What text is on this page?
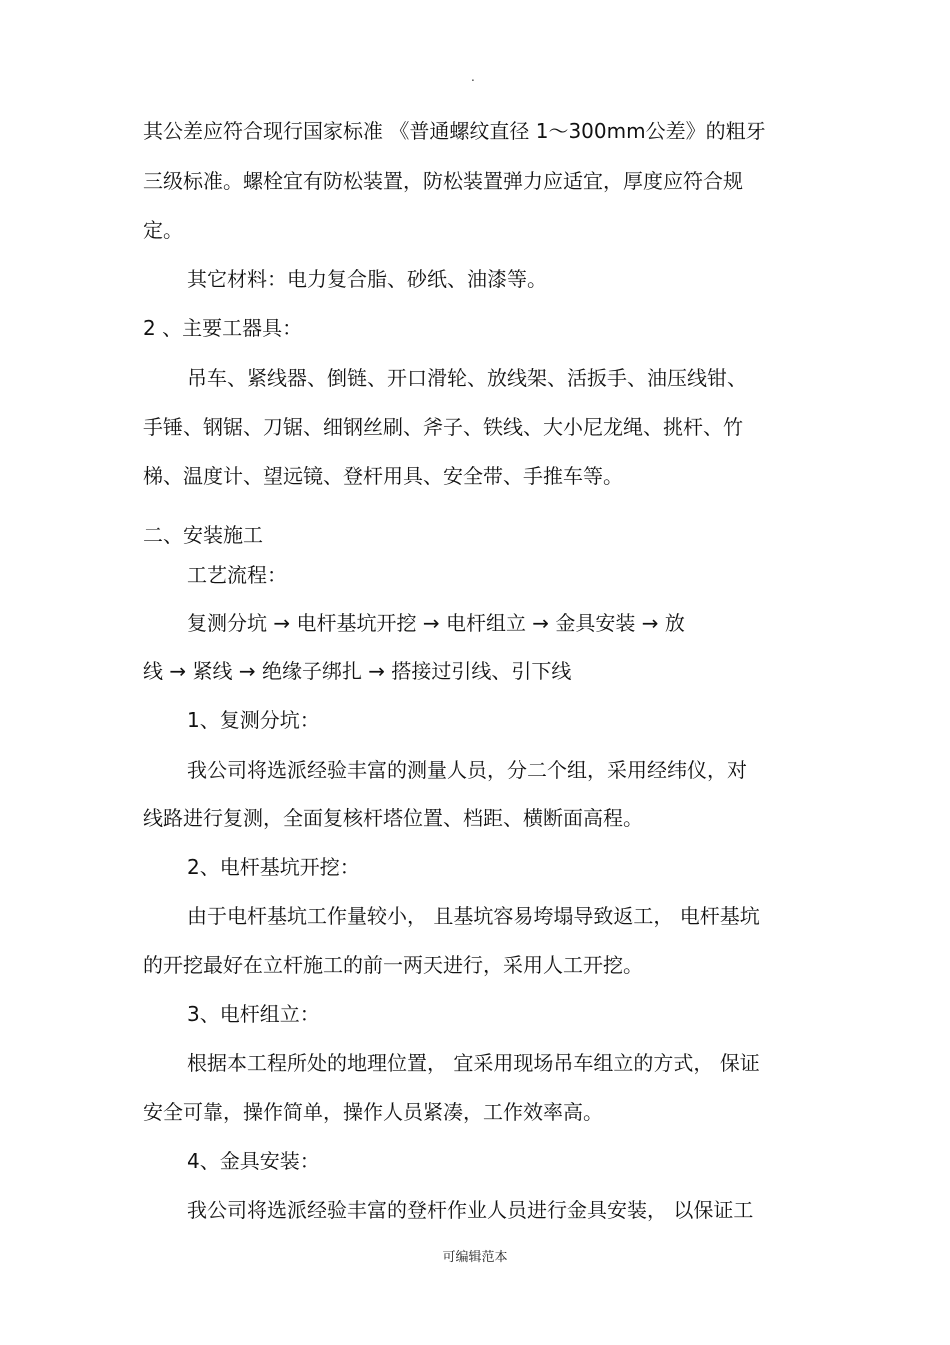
.
其公差应符合现行国家标准 《普通螺纹直径 1～300mm公差》的粗牙
三级标准。螺栓宜有防松装置，防松装置弹力应适宜，厚度应符合规
定。
其它材料：电力复合脂、砂纸、油漆等。
2 、主要工器具：
吊车、紧线器、倒链、开口滑轮、放线架、活扳手、油压线钳、
手锤、钢锯、刀锯、细钢丝刷、斧子、铁线、大小尼龙绳、挑杆、竹
梯、温度计、望远镜、登杆用具、安全带、手推车等。
二、安装施工
工艺流程：
复测分坑 → 电杆基坑开挖 → 电杆组立 → 金具安装 → 放
线 → 紧线 → 绝缘子绑扎 → 搭接过引线、引下线
1、复测分坑：
我公司将选派经验丰富的测量人员，分二个组，采用经纬仪，对
线路进行复测，全面复核杆塔位置、档距、横断面高程。
2、电杆基坑开挖：
由于电杆基坑工作量较小， 且基坑容易垮塌导致返工， 电杆基坑
的开挖最好在立杆施工的前一两天进行，采用人工开挖。
3、电杆组立：
根据本工程所处的地理位置， 宜采用现场吊车组立的方式， 保证
安全可靠，操作简单，操作人员紧凑，工作效率高。
4、金具安装：
我公司将选派经验丰富的登杆作业人员进行金具安装， 以保证工
可编辑范本
